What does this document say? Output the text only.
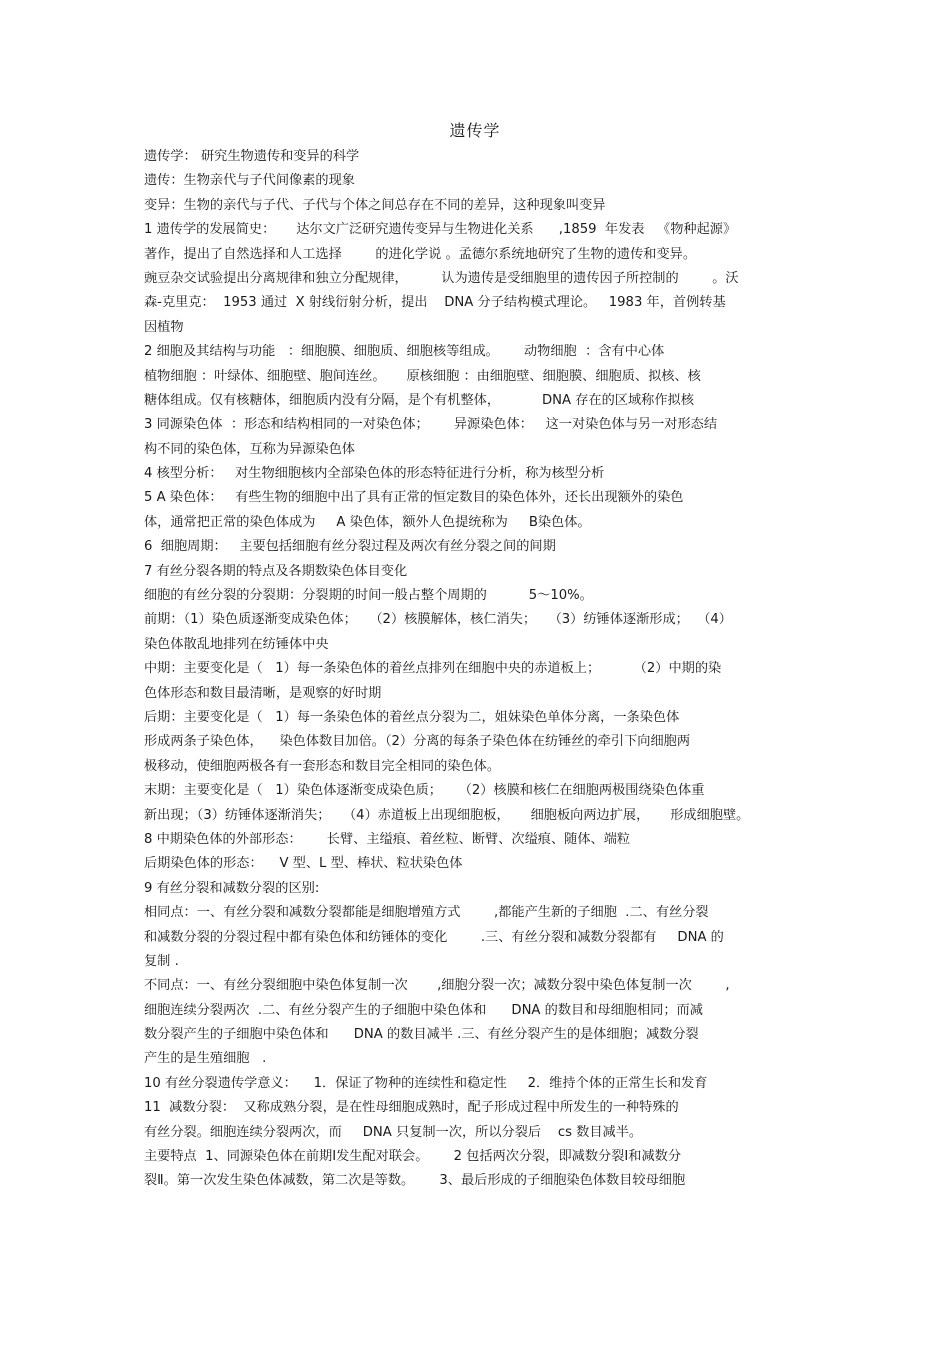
遗传学
遗传学： 研究生物遗传和变异的科学
遗传：生物亲代与子代间像素的现象
变异：生物的亲代与子代、子代与个体之间总存在不同的差异，这种现象叫变异
1 遗传学的发展简史：     达尔文广泛研究遗传变异与生物进化关系      ,1859  年发表   《物种起源》
著作，提出了自然选择和人工选择        的进化学说 。孟德尔系统地研究了生物的遗传和变异。
豌豆杂交试验提出分离规律和独立分配规律，        认为遗传是受细胞里的遗传因子所控制的        。沃
森-克里克：  1953 通过  X 射线衍射分析，提出    DNA 分子结构模式理论。   1983 年，首例转基
因植物
2 细胞及其结构与功能   ：细胞膜、细胞质、细胞核等组成。      动物细胞  ：含有中心体
植物细胞 ：叶绿体、细胞壁、胞间连丝。     原核细胞 ：由细胞壁、细胞膜、细胞质、拟核、核
糖体组成。仅有核糖体，细胞质内没有分隔，是个有机整体，          DNA 存在的区域称作拟核
3 同源染色体  ：形态和结构相同的一对染色体；      异源染色体：   这一对染色体与另一对形态结
构不同的染色体，互称为异源染色体
4 核型分析：   对生物细胞核内全部染色体的形态特征进行分析，称为核型分析
5 A 染色体：   有些生物的细胞中出了具有正常的恒定数目的染色体外，还长出现额外的染色
体，通常把正常的染色体成为     A 染色体，额外人色提统称为     B染色体。
6  细胞周期：   主要包括细胞有丝分裂过程及两次有丝分裂之间的间期
7 有丝分裂各期的特点及各期数染色体目变化
细胞的有丝分裂的分裂期：分裂期的时间一般占整个周期的          5～10%。
前期：（1）染色质逐渐变成染色体；   （2）核膜解体，核仁消失；   （3）纺锤体逐渐形成；  （4）
染色体散乱地排列在纺锤体中央
中期：主要变化是（   1）每一条染色体的着丝点排列在细胞中央的赤道板上；        （2）中期的染
色体形态和数目最清晰，是观察的好时期
后期：主要变化是（   1）每一条染色体的着丝点分裂为二，姐妹染色单体分离，一条染色体
形成两条子染色体，    染色体数目加倍。（2）分离的每条子染色体在纺锤丝的牵引下向细胞两
极移动，使细胞两极各有一套形态和数目完全相同的染色体。
末期：主要变化是（   1）染色体逐渐变成染色质；    （2）核膜和核仁在细胞两极围绕染色体重
新出现；（3）纺锤体逐渐消失；   （4）赤道板上出现细胞板，     细胞板向两边扩展，     形成细胞壁。
8 中期染色体的外部形态：      长臂、主缢痕、着丝粒、断臂、次缢痕、随体、端粒
后期染色体的形态：    V 型、L 型、棒状、粒状染色体
9 有丝分裂和减数分裂的区别:
相同点：一、有丝分裂和减数分裂都能是细胞增殖方式        ,都能产生新的子细胞  .二、有丝分裂
和减数分裂的分裂过程中都有染色体和纺锤体的变化        .三、有丝分裂和减数分裂都有     DNA 的
复制 .
不同点：一、有丝分裂细胞中染色体复制一次       ,细胞分裂一次；减数分裂中染色体复制一次        ,
细胞连续分裂两次  .二、有丝分裂产生的子细胞中染色体和      DNA 的数目和母细胞相同；而减
数分裂产生的子细胞中染色体和      DNA 的数目减半 .三、有丝分裂产生的是体细胞；减数分裂
产生的是生殖细胞   .
10 有丝分裂遗传学意义：    1．保证了物种的连续性和稳定性     2．维持个体的正常生长和发育
11  减数分裂：  又称成熟分裂，是在性母细胞成熟时，配子形成过程中所发生的一种特殊的
有丝分裂。细胞连续分裂两次，而     DNA 只复制一次，所以分裂后    cs 数目减半。
主要特点  1、同源染色体在前期Ⅰ发生配对联会。      2 包括两次分裂，即减数分裂Ⅰ和减数分
裂Ⅱ。第一次发生染色体减数，第二次是等数。      3、最后形成的子细胞染色体数目较母细胞
